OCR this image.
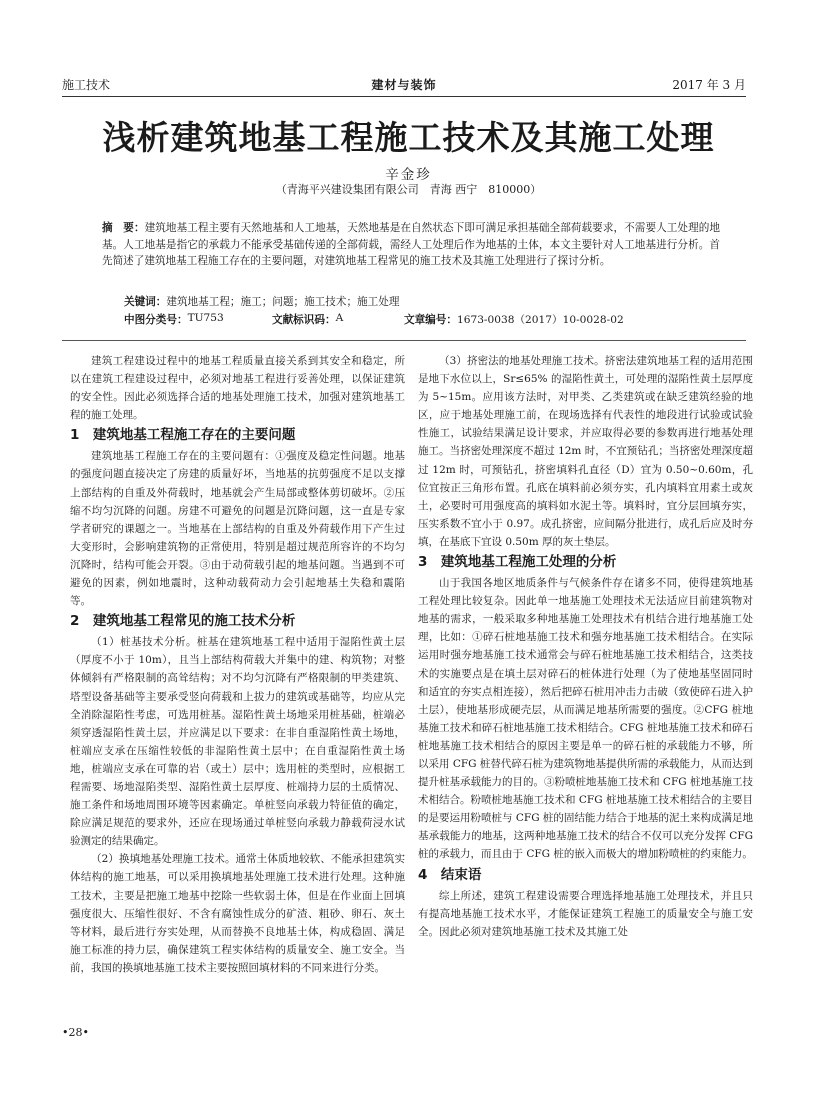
施工技术	建材与装饰	2017 年 3 月
浅析建筑地基工程施工技术及其施工处理
辛金珍
（青海平兴建设集团有限公司　青海 西宁　810000）
摘　要：建筑地基工程主要有天然地基和人工地基，天然地基是在自然状态下即可满足承担基础全部荷载要求，不需要人工处理的地基。人工地基是指它的承载力不能承受基础传递的全部荷载，需经人工处理后作为地基的土体，本文主要针对人工地基进行分析。首先简述了建筑地基工程施工存在的主要问题，对建筑地基工程常见的施工技术及其施工处理进行了探讨分析。
关键词：建筑地基工程；施工；问题；施工技术；施工处理
中图分类号： TU753	文献标识码： A	文章编号： 1673-0038（2017）10-0028-02

建筑工程建设过程中的地基工程质量直接关系到其安全和稳定，所以在建筑工程建设过程中，必须对地基工程进行妥善处理，以保证建筑的安全性。因此必须选择合适的地基处理施工技术，加强对建筑地基工程的施工处理。

1　建筑地基工程施工存在的主要问题

建筑地基工程施工存在的主要问题有：①强度及稳定性问题。地基的强度问题直接决定了房建的质量好坏，当地基的抗剪强度不足以支撑上部结构的自重及外荷载时，地基就会产生局部或整体剪切破坏。②压缩不均匀沉降的问题。房建不可避免的问题是沉降问题，这一直是专家学者研究的课题之一。当地基在上部结构的自重及外荷载作用下产生过大变形时，会影响建筑物的正常使用，特别是超过规范所容许的不均匀沉降时，结构可能会开裂。③由于动荷载引起的地基问题。当遇到不可避免的因素，例如地震时，这种动载荷动力会引起地基土失稳和震陷等。

2　建筑地基工程常见的施工技术分析

（1）桩基技术分析。桩基在建筑地基工程中适用于湿陷性黄土层（厚度不小于 10m），且当上部结构荷载大并集中的建、构筑物；对整体倾斜有严格限制的高耸结构；对不均匀沉降有严格限制的甲类建筑、塔型设备基础等主要承受竖向荷载和上拔力的建筑或基础等，均应从完全消除湿陷性考虑，可选用桩基。湿陷性黄土场地采用桩基础，桩端必须穿透湿陷性黄土层，并应满足以下要求：在非自重湿陷性黄土场地，桩端应支承在压缩性较低的非湿陷性黄土层中；在自重湿陷性黄土场地，桩端应支承在可靠的岩（或土）层中；选用桩的类型时，应根据工程需要、场地湿陷类型、湿陷性黄土层厚度、桩端持力层的土质情况、施工条件和场地周围环境等因素确定。单桩竖向承载力特征值的确定，除应满足规范的要求外，还应在现场通过单桩竖向承载力静载荷浸水试验测定的结果确定。

（2）换填地基处理施工技术。通常土体质地较软、不能承担建筑实体结构的施工地基，可以采用换填地基处理施工技术进行处理。这种施工技术，主要是把施工地基中挖除一些软弱土体，但是在作业面上回填强度很大、压缩性很好、不含有腐蚀性成分的矿渣、粗砂、卵石、灰土等材料，最后进行夯实处理，从而替换不良地基土体，构成稳固、满足施工标准的持力层，确保建筑工程实体结构的质量安全、施工安全。当前，我国的换填地基施工技术主要按照回填材料的不同来进行分类。

（3）挤密法的地基处理施工技术。挤密法建筑地基工程的适用范围是地下水位以上，Sr≤65% 的湿陷性黄土，可处理的湿陷性黄土层厚度为 5~15m。应用该方法时，对甲类、乙类建筑或在缺乏建筑经验的地区，应于地基处理施工前，在现场选择有代表性的地段进行试验或试验性施工，试验结果满足设计要求，并应取得必要的参数再进行地基处理施工。当挤密处理深度不超过 12m 时，不宜预钻孔；当挤密处理深度超过 12m 时，可预钻孔，挤密填料孔直径（D）宜为 0.50~0.60m，孔位宜按正三角形布置。孔底在填料前必须夯实，孔内填料宜用素土或灰土，必要时可用强度高的填料如水泥土等。填料时，宜分层回填夯实，压实系数不宜小于 0.97。成孔挤密，应间隔分批进行，成孔后应及时夯填，在基底下宜设 0.50m 厚的灰土垫层。

3　建筑地基工程施工处理的分析

山于我国各地区地质条件与气候条件存在诸多不同，使得建筑地基工程处理比较复杂。因此单一地基施工处理技术无法适应目前建筑物对地基的需求，一般采取多种地基施工处理技术有机结合进行地基施工处理，比如：①碎石桩地基施工技术和强夯地基施工技术相结合。在实际运用时强夯地基施工技术通常会与碎石桩地基施工技术相结合，这类技术的实施要点是在填土层对碎石的桩体进行处理（为了使地基坚固同时和适宜的夯实点相连接），然后把碎石桩用冲击力击破（致使碎石进入护土层），使地基形成硬壳层，从而满足地基所需要的强度。②CFG 桩地基施工技术和碎石桩地基施工技术相结合。CFG 桩地基施工技术和碎石桩地基施工技术相结合的原因主要是单一的碎石桩的承载能力不够，所以采用 CFG 桩替代碎石桩为建筑物地基提供所需的承载能力，从而达到提升桩基承载能力的目的。③粉喷桩地基施工技术和 CFG 桩地基施工技术相结合。粉喷桩地基施工技术和 CFG 桩地基施工技术相结合的主要目的是要运用粉喷桩与 CFG 桩的固结能力结合于地基的泥土来构成满足地基承载能力的地基，这两种地基施工技术的结合不仅可以充分发挥 CFG 桩的承载力，而且由于 CFG 桩的嵌入而极大的增加粉喷桩的约束能力。

4　结束语

综上所述，建筑工程建设需要合理选择地基施工处理技术，并且只有提高地基施工技术水平，才能保证建筑工程施工的质量安全与施工安全。因此必须对建筑地基施工技术及其施工处

•28•
